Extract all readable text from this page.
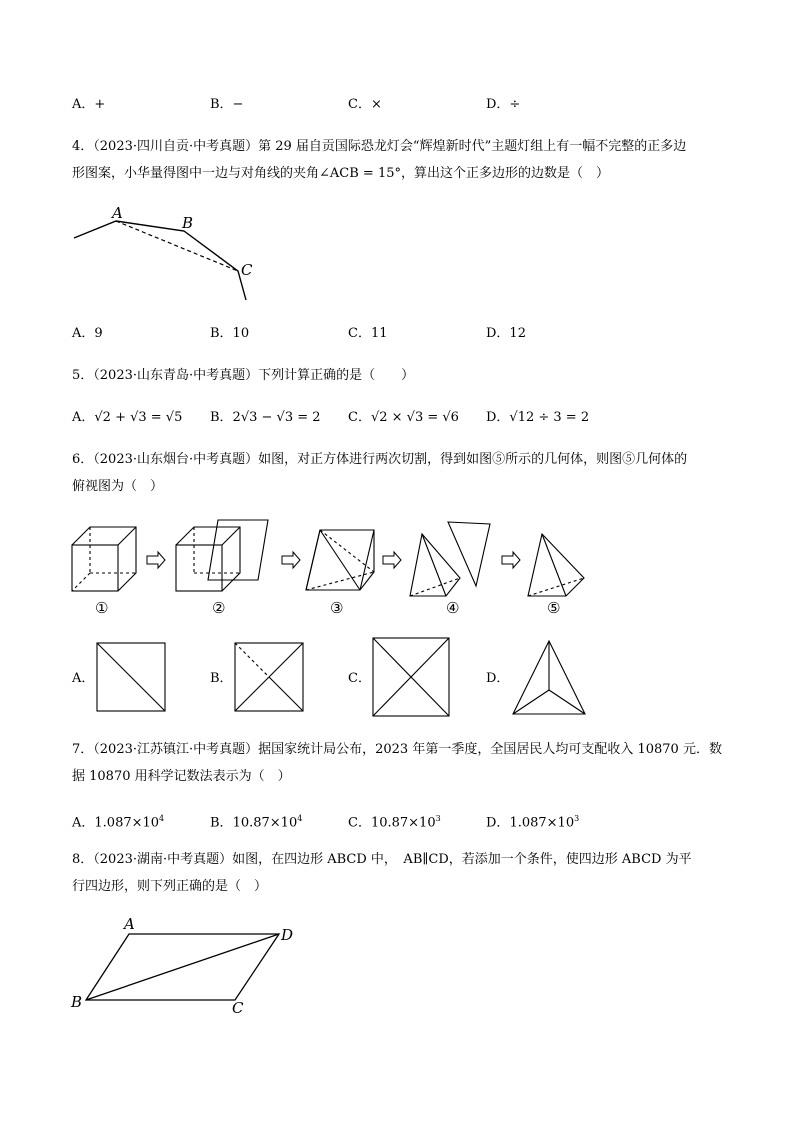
A．+	B．−	C．×	D．÷
4．（2023·四川自贡·中考真题）第 29 届自贡国际恐龙灯会“辉煌新时代”主题灯组上有一幅不完整的正多边
形图案，小华量得图中一边与对角线的夹角∠ACB = 15°，算出这个正多边形的边数是（　）
A
B
C
A．9	B．10	C．11	D．12
5．（2023·山东青岛·中考真题）下列计算正确的是（　　）
A．√2 + √3 = √5 B．2√3 − √3 = 2 C．√2 × √3 = √6 D．√12 ÷ 3 = 2
6．（2023·山东烟台·中考真题）如图，对正方体进行两次切割，得到如图⑤所示的几何体，则图⑤几何体的
俯视图为（　）
①	②	③	④	⑤
A．	B．	C．	D．
7．（2023·江苏镇江·中考真题）据国家统计局公布，2023 年第一季度，全国居民人均可支配收入 10870 元．数
据 10870 用科学记数法表示为（　）
A．$1.087\times 10^4$	B．$10.87\times 10^4$	C．$10.87\times 10^3$	D．$1.087\times 10^3$
8．（2023·湖南·中考真题）如图，在四边形 ABCD 中，　AB∥CD，若添加一个条件，使四边形 ABCD 为平
行四边形，则下列正确的是（　）
A
D
B	C
